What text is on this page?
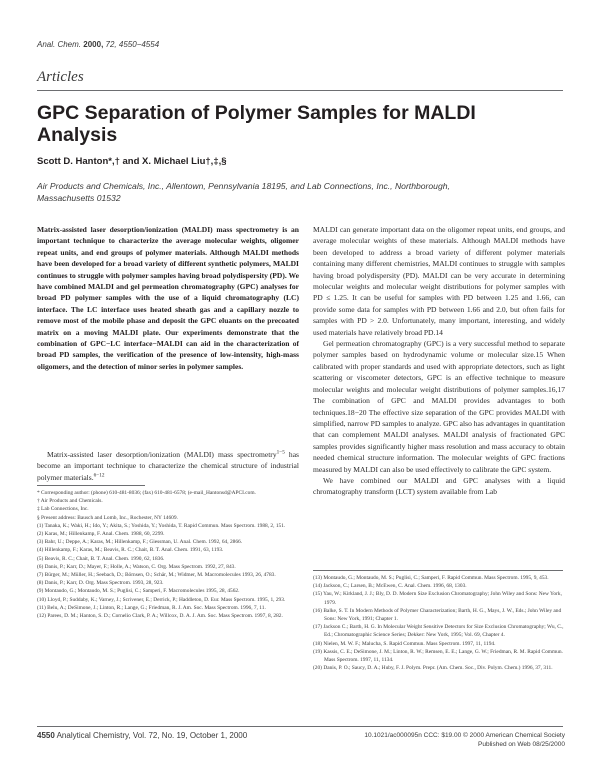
Anal. Chem. 2000, 72, 4550−4554
Articles
GPC Separation of Polymer Samples for MALDI Analysis
Scott D. Hanton*,† and X. Michael Liu†,‡,§
Air Products and Chemicals, Inc., Allentown, Pennsylvania 18195, and Lab Connections, Inc., Northborough, Massachusetts 01532
Matrix-assisted laser desorption/ionization (MALDI) mass spectrometry is an important technique to characterize the average molecular weights, oligomer repeat units, and end groups of polymer materials. Although MALDI methods have been developed for a broad variety of different synthetic polymers, MALDI continues to struggle with polymer samples having broad polydispersity (PD). We have combined MALDI and gel permeation chromatography (GPC) analyses for broad PD polymer samples with the use of a liquid chromatography (LC) interface. The LC interface uses heated sheath gas and a capillary nozzle to remove most of the mobile phase and deposit the GPC eluants on the precoated matrix on a moving MALDI plate. Our experiments demonstrate that the combination of GPC−LC interface−MALDI can aid in the characterization of broad PD samples, the verification of the presence of low-intensity, high-mass oligomers, and the detection of minor series in polymer samples.

Matrix-assisted laser desorption/ionization (MALDI) mass spectrometry$^{1-5}$ has become an important technique to characterize the chemical structure of industrial polymer materials.$^{6-12}$

* Corresponding author: (phone) 610-481-8036; (fax) 610-481-6578; (e-mail_Hantonsd@APCI.com.
† Air Products and Chemicals.
‡ Lab Connections, Inc.
§ Present address: Bausch and Lomb, Inc., Rochester, NY 14609.
(1) Tanaka, K.; Waki, H.; Ido, Y.; Akita, S.; Yoshida, Y.; Yoshida, T. Rapid Commun. Mass Spectrom. 1988, 2, 151.
(2) Karas, M.; Hillenkamp, F. Anal. Chem. 1988, 60, 2299.
(3) Bahr, U.; Deppe, A.; Karas, M.; Hillenkamp, F.; Giessman, U. Anal. Chem. 1992, 64, 2866.
(4) Hillenkamp, F.; Karas, M.; Beavis, R. C.; Chait, B. T. Anal. Chem. 1991, 63, 1193.
(5) Beavis, R. C.; Chait, B. T. Anal. Chem. 1990, 62, 1836.
(6) Danis, P.; Karr, D.; Mayer, F.; Holle, A.; Watson, C. Org. Mass Spectrom. 1992, 27, 843.
(7) Bürger, M.; Müller, H.; Seebach, D.; Börnsen, O.; Schär, M.; Widmer, M. Macromolecules 1993, 26, 4783.
(8) Danis, P.; Karr, D. Org. Mass Spectrom. 1993, 28, 923.
(9) Montaudo, G.; Montaudo, M. S.; Puglisi, C.; Samperi, F. Macromolecules 1995, 28, 4562.
(10) Lloyd, P.; Suddaby, K.; Varney, J.; Scrivener, E.; Derrick, P.; Haddleton, D. Eur. Mass Spectrom. 1995, 1, 293.
(11) Belu, A.; DeSimone, J.; Linton, R.; Lange, G.; Friedman, R. J. Am. Soc. Mass Spectrom. 1996, 7, 11.
(12) Parees, D. M.; Hanton, S. D.; Cornelio Clark, P. A.; Willcox, D. A. J. Am. Soc. Mass Spectrom. 1997, 8, 282.

MALDI can generate important data on the oligomer repeat units, end groups, and average molecular weights of these materials. Although MALDI methods have been developed to address a broad variety of different polymer materials containing many different chemistries, MALDI continues to struggle with samples having broad polydispersity (PD). MALDI can be very accurate in determining molecular weights and molecular weight distributions for polymer samples with PD ≤ 1.25. It can be useful for samples with PD between 1.25 and 1.66, can provide some data for samples with PD between 1.66 and 2.0, but often fails for samples with PD > 2.0. Unfortunately, many important, interesting, and widely used materials have relatively broad PD.14

Gel permeation chromatography (GPC) is a very successful method to separate polymer samples based on hydrodynamic volume or molecular size.15 When calibrated with proper standards and used with appropriate detectors, such as light scattering or viscometer detectors, GPC is an effective technique to measure molecular weights and molecular weight distributions of polymer samples.16,17 The combination of GPC and MALDI provides advantages to both techniques.18−20 The effective size separation of the GPC provides MALDI with simplified, narrow PD samples to analyze. GPC also has advantages in quantitation that can complement MALDI analyses. MALDI analysis of fractionated GPC samples provides significantly higher mass resolution and mass accuracy to obtain needed chemical structure information. The molecular weights of GPC fractions measured by MALDI can also be used effectively to calibrate the GPC system.

We have combined our MALDI and GPC analyses with a liquid chromatography transform (LCT) system available from Lab

(13) Montaudo, G.; Montaudo, M. S.; Puglisi, C.; Samperi, F. Rapid Commun. Mass Spectrom. 1995, 9, 453.
(14) Jackson, C.; Larsen, B.; McEwen, C. Anal. Chem. 1996, 68, 1303.
(15) Yau, W.; Kirkland, J. J.; Bly, D. D. Modern Size Exclusion Chromatography; John Wiley and Sons: New York, 1979.
(16) Balke, S. T. In Modern Methods of Polymer Characterization; Barth, H. G., Mays, J. W., Eds.; John Wiley and Sons: New York, 1991; Chapter 1.
(17) Jackson C.; Barth, H. G. In Molecular Weight Sensitive Detectors for Size Exclusion Chromatography; Wu, C., Ed.; Chromatographic Science Series; Dekker: New York, 1995; Vol. 69, Chapter 4.
(18) Nielen, M. W. F.; Malucha, S. Rapid Commun. Mass Spectrom. 1997, 11, 1194.
(19) Kassis, C. E.; DeSimone, J. M.; Linton, R. W.; Remsen, E. E.; Lange, G. W.; Friedman, R. M. Rapid Commun. Mass Spectrom. 1997, 11, 1134.
(20) Danis, P. O.; Saucy, D. A.; Huby, F. J. Polym. Prepr. (Am. Chem. Soc., Div. Polym. Chem.) 1996, 37, 311.
4550 Analytical Chemistry, Vol. 72, No. 19, October 1, 2000	10.1021/ac000095n CCC: $19.00 © 2000 American Chemical Society
Published on Web 08/25/2000
